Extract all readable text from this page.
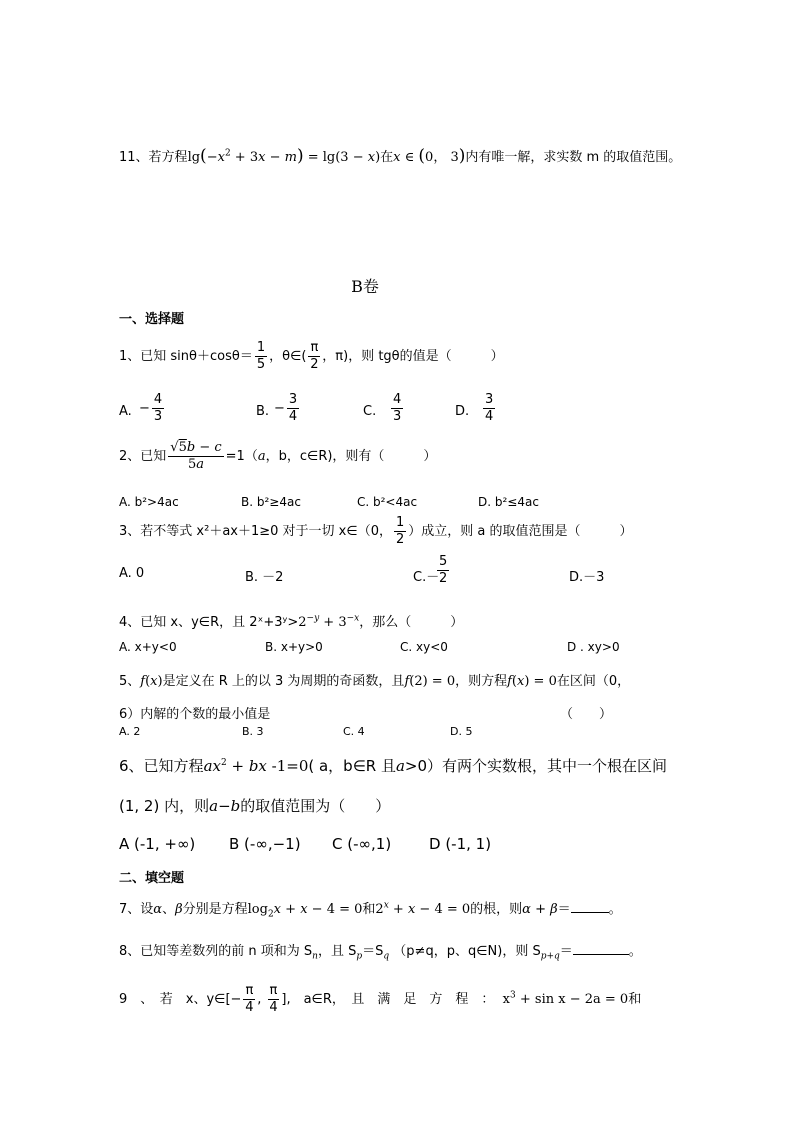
11、若方程$\lg(-x^2 + 3x - m) = \lg(3 - x)$在x ∈ (0， 3)内有唯一解，求实数 m 的取值范围。
B卷
一、选择题
1、已知 $\sin\theta+\cos\theta= \frac{1}{5}$ ，θ∈( $\frac{\pi}{2}$ ，π)，则 tgθ的值是（　　　）
A. − $\frac{4}{3}$	B. − $\frac{3}{4}$	C. $\frac{4}{3}$	D. $\frac{3}{4}$
2、已知 $\frac{√5b - c}{5a} =1(a$，b，c∈R)，则有（　　　）
A. b²>4ac	B. b²≥4ac	C. b²<4ac	D. b²≤4ac
3、若不等式 x²＋ax＋1≥0 对于一切 x∈（0， $\frac{1}{2}$ ）成立，则 a 的取值范围是（　　　）
A. 0	B. －2	C.－
$\frac{5}{2}$	D.－3
4、已知 x、y∈R，且 $2ˣ+3ʸ>2^{-y} + 3^{-x}$，那么（　　　）
A. x+y<0	B. x+y>0	C. xy<0	D . xy>0
5、f(x)是定义在 R 上的以 3 为周期的奇函数，且f(2) = 0，则方程f(x) = 0在区间（0，
6）内解的个数的最小值是	（　　）
A. 2	B. 3	C. 4	D. 5
6、已知方程$ax^2$ + bx -1=0( a，b∈R 且a>0）有两个实数根，其中一个根在区间
(1, 2) 内，则a−b的取值范围为（　　）
A (-1, +∞) B (-∞,−1) C (-∞,1)	D (-1, 1)
二、填空题
7、设α、β分别是方程$\log_2x + x - 4 = 0$和$2^x + x - 4 = 0$的根，则α + β＝	。
8、已知等差数列的前 n 项和为 $S_n$，且 $S_p=S_q$ （p≠q，p、q∈N)，则 $S_{p+q}=$	。
9　、　若　x、y∈[− $\frac{\pi}{4}$ , $\frac{\pi}{4}$ ],　a∈R，　且　满　足　方　程　： $x^3 + \sin x - 2a = 0$和
